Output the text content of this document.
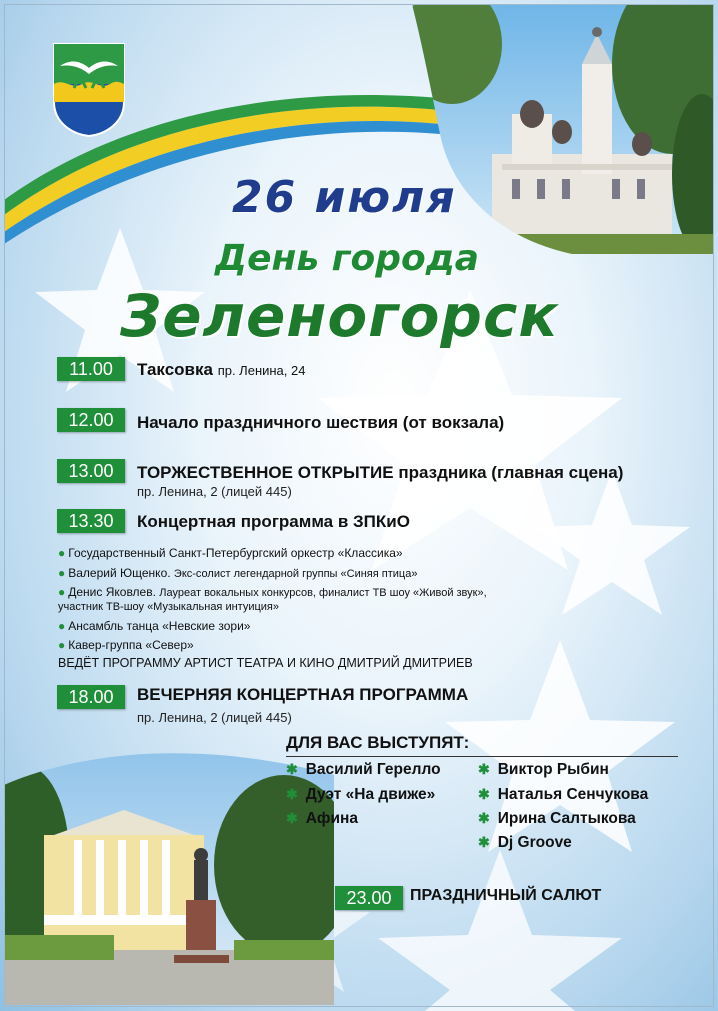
26 июля
День города
Зеленогорск
11.00	Таксовка пр. Ленина, 24
12.00	Начало праздничного шествия (от вокзала)
13.00	ТОРЖЕСТВЕННОЕ ОТКРЫТИЕ праздника (главная сцена)
пр. Ленина, 2 (лицей 445)
13.30	Концертная программа в ЗПКиО
● Государственный Санкт-Петербургский оркестр «Классика»
● Валерий Ющенко. Экс-солист легендарной группы «Синяя птица»
● Денис Яковлев. Лауреат вокальных конкурсов, финалист ТВ шоу «Живой звук»,
участник ТВ-шоу «Музыкальная интуиция»
● Ансамбль танца «Невские зори»
● Кавер-группа «Север»
ВЕДЁТ ПРОГРАММУ АРТИСТ ТЕАТРА И КИНО ДМИТРИЙ ДМИТРИЕВ
18.00	ВЕЧЕРНЯЯ КОНЦЕРТНАЯ ПРОГРАММА
пр. Ленина, 2 (лицей 445)
ДЛЯ ВАС ВЫСТУПЯТ:
✱ Василий Герелло
✱ Дуэт «На движе»
✱ Афина
✱ Виктор Рыбин
✱ Наталья Сенчукова
✱ Ирина Салтыкова
✱ Dj Groove
23.00	ПРАЗДНИЧНЫЙ САЛЮТ
